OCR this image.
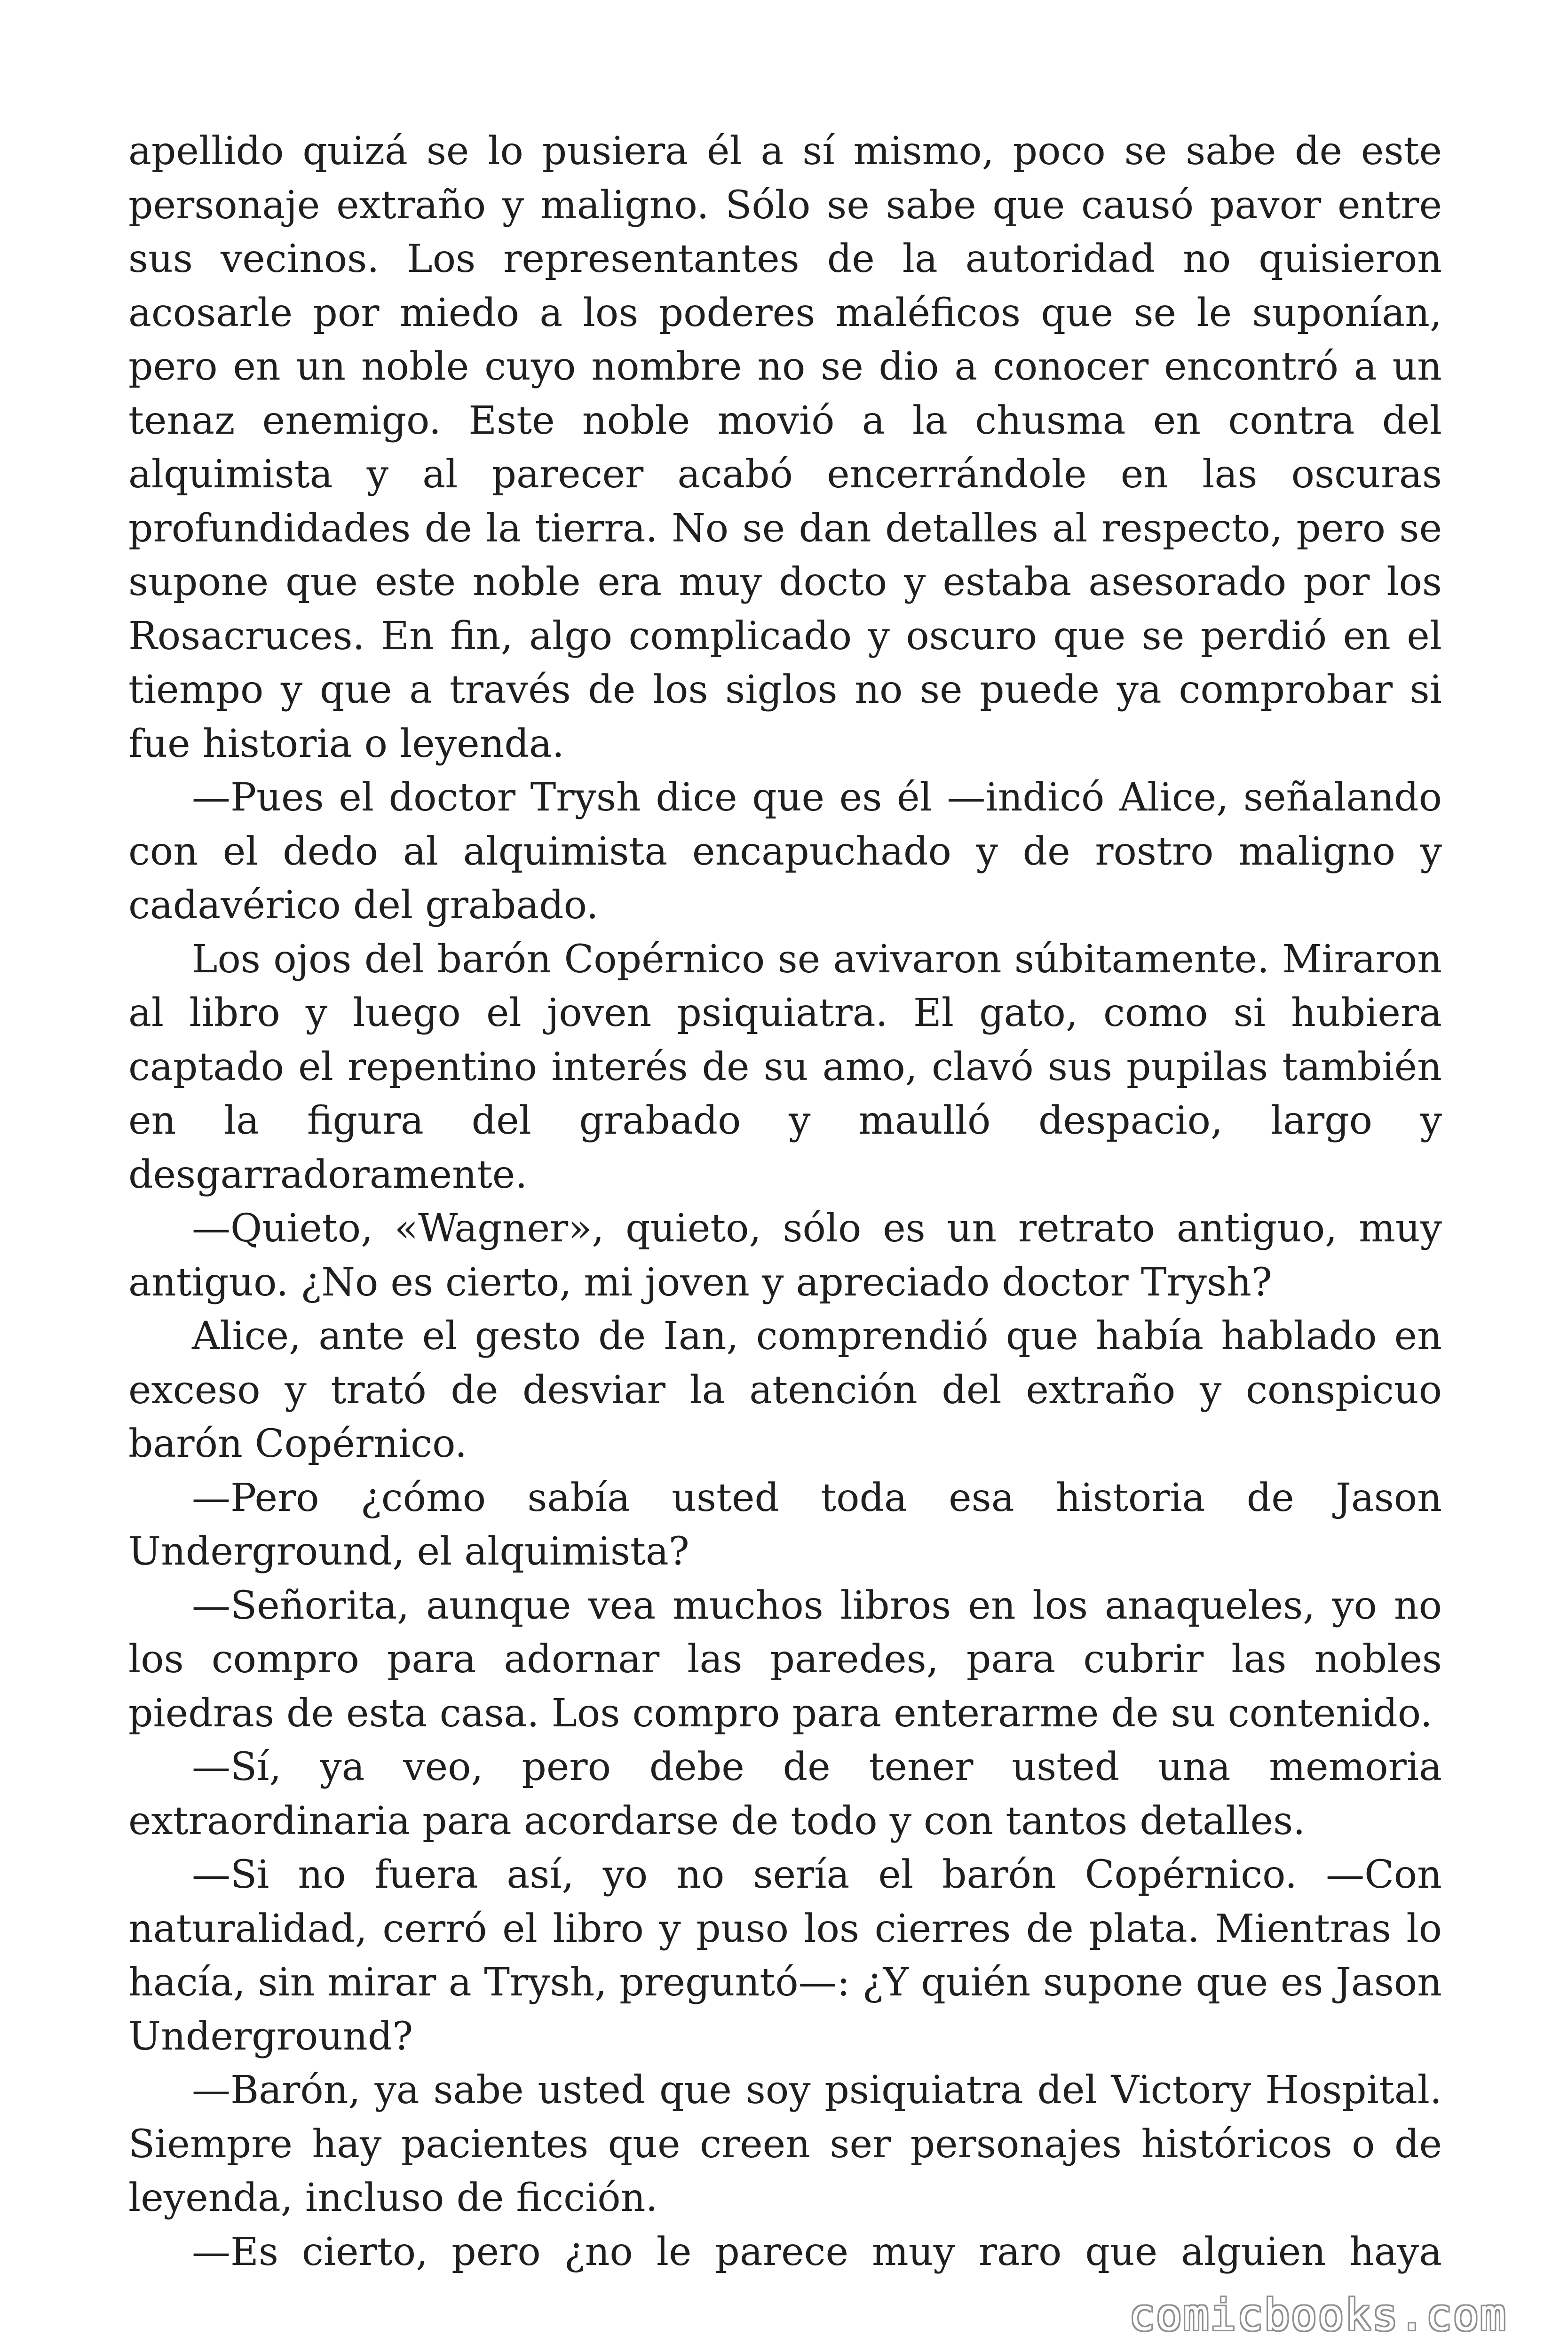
apellido quizá se lo pusiera él a sí mismo, poco se sabe de este personaje extraño y maligno. Sólo se sabe que causó pavor entre sus vecinos. Los representantes de la autoridad no quisieron acosarle por miedo a los poderes maléficos que se le suponían, pero en un noble cuyo nombre no se dio a conocer encontró a un tenaz enemigo. Este noble movió a la chusma en contra del alquimista y al parecer acabó encerrándole en las oscuras profundidades de la tierra. No se dan detalles al respecto, pero se supone que este noble era muy docto y estaba asesorado por los Rosacruces. En fin, algo complicado y oscuro que se perdió en el tiempo y que a través de los siglos no se puede ya comprobar si fue historia o leyenda.

—Pues el doctor Trysh dice que es él —indicó Alice, señalando con el dedo al alquimista encapuchado y de rostro maligno y cadavérico del grabado.

Los ojos del barón Copérnico se avivaron súbitamente. Miraron al libro y luego el joven psiquiatra. El gato, como si hubiera captado el repentino interés de su amo, clavó sus pupilas también en la figura del grabado y maulló despacio, largo y desgarradoramente.

—Quieto, «Wagner», quieto, sólo es un retrato antiguo, muy antiguo. ¿No es cierto, mi joven y apreciado doctor Trysh?

Alice, ante el gesto de Ian, comprendió que había hablado en exceso y trató de desviar la atención del extraño y conspicuo barón Copérnico.

—Pero ¿cómo sabía usted toda esa historia de Jason Underground, el alquimista?

—Señorita, aunque vea muchos libros en los anaqueles, yo no los compro para adornar las paredes, para cubrir las nobles piedras de esta casa. Los compro para enterarme de su contenido.

—Sí, ya veo, pero debe de tener usted una memoria extraordinaria para acordarse de todo y con tantos detalles.

—Si no fuera así, yo no sería el barón Copérnico. —Con naturalidad, cerró el libro y puso los cierres de plata. Mientras lo hacía, sin mirar a Trysh, preguntó—: ¿Y quién supone que es Jason Underground?

—Barón, ya sabe usted que soy psiquiatra del Victory Hospital. Siempre hay pacientes que creen ser personajes históricos o de leyenda, incluso de ficción.

—Es cierto, pero ¿no le parece muy raro que alguien haya

comicbooks.com
